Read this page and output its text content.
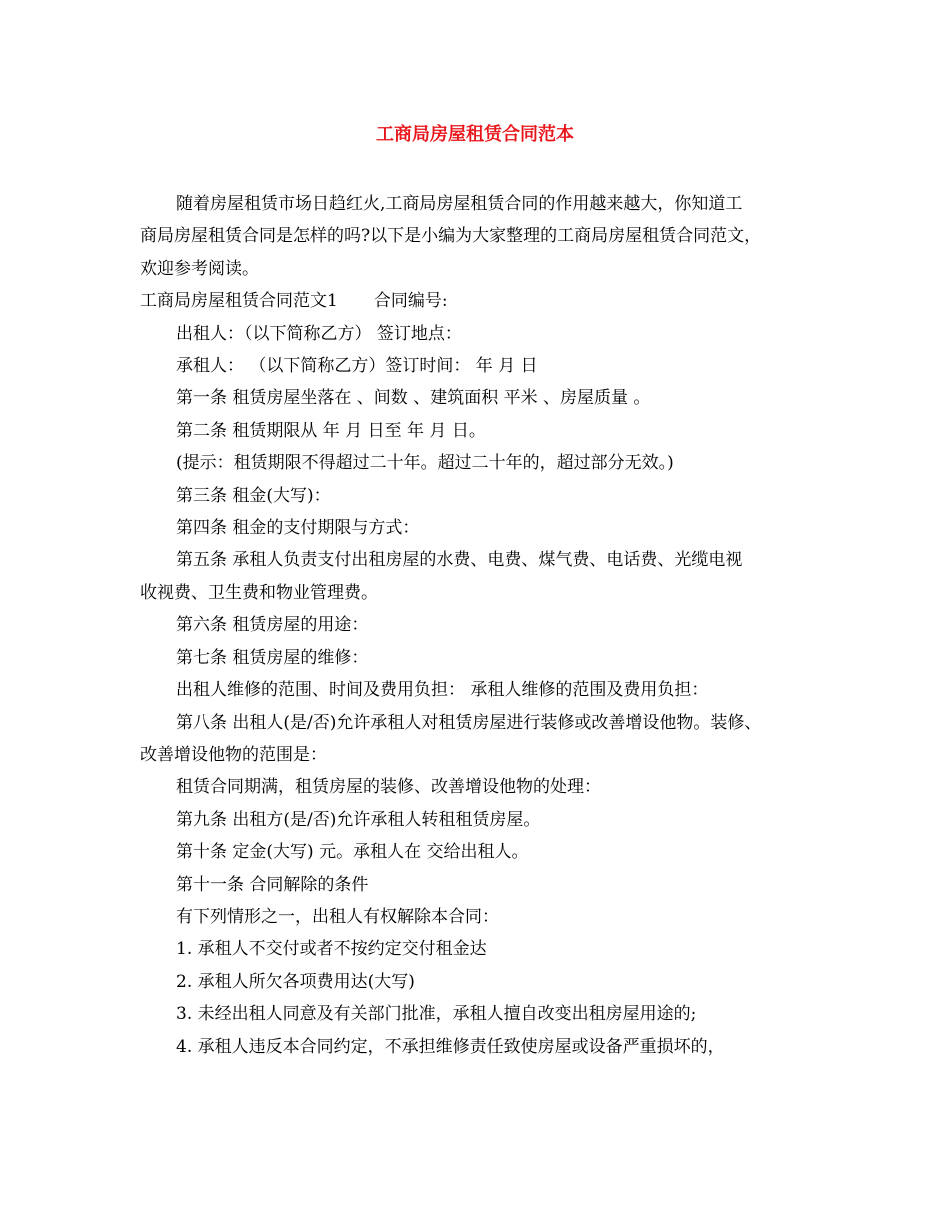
工商局房屋租赁合同范本
随着房屋租赁市场日趋红火,工商局房屋租赁合同的作用越来越大，你知道工
商局房屋租赁合同是怎样的吗?以下是小编为大家整理的工商局房屋租赁合同范文，
欢迎参考阅读。
工商局房屋租赁合同范文1 合同编号:
出租人：（以下简称乙方） 签订地点：
承租人： （以下简称乙方）签订时间： 年 月 日
第一条 租赁房屋坐落在 、间数 、建筑面积 平米 、房屋质量 。
第二条 租赁期限从 年 月 日至 年 月 日。
(提示：租赁期限不得超过二十年。超过二十年的，超过部分无效。)
第三条 租金(大写)：
第四条 租金的支付期限与方式：
第五条 承租人负责支付出租房屋的水费、电费、煤气费、电话费、光缆电视
收视费、卫生费和物业管理费。
第六条 租赁房屋的用途：
第七条 租赁房屋的维修：
出租人维修的范围、时间及费用负担： 承租人维修的范围及费用负担：
第八条 出租人(是/否)允许承租人对租赁房屋进行装修或改善增设他物。装修、
改善增设他物的范围是：
租赁合同期满，租赁房屋的装修、改善增设他物的处理：
第九条 出租方(是/否)允许承租人转租租赁房屋。
第十条 定金(大写) 元。承租人在 交给出租人。
第十一条 合同解除的条件
有下列情形之一，出租人有权解除本合同：
1. 承租人不交付或者不按约定交付租金达
2. 承租人所欠各项费用达(大写)
3. 未经出租人同意及有关部门批准，承租人擅自改变出租房屋用途的;
4. 承租人违反本合同约定，不承担维修责任致使房屋或设备严重损坏的，
